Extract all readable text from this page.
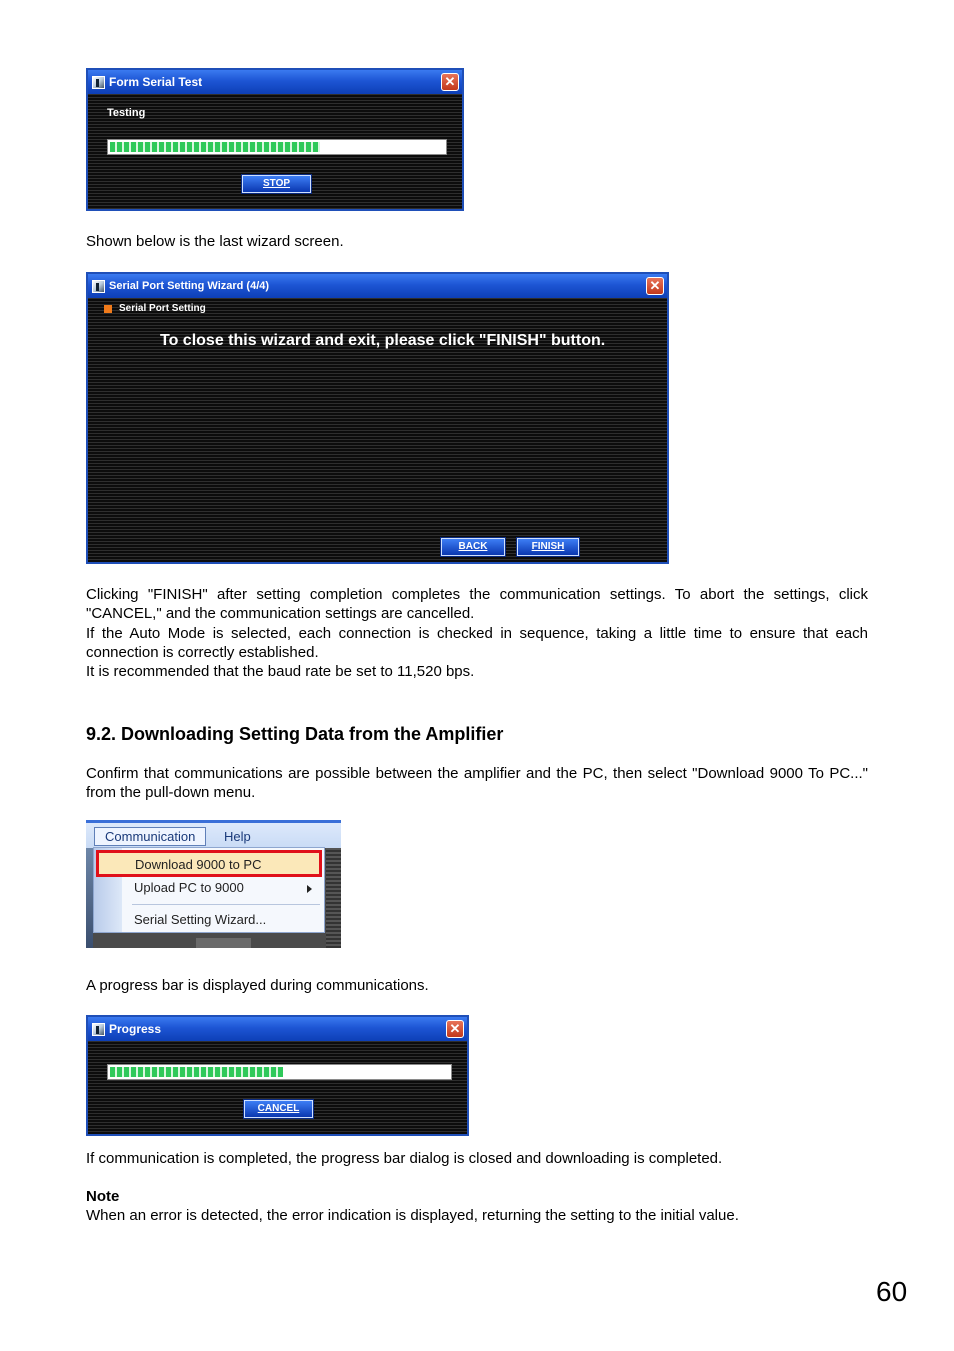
Form Serial Test	✕
Testing
STOP
Shown below is the last wizard screen.
Serial Port Setting Wizard (4/4)	✕
Serial Port Setting
To close this wizard and exit, please click "FINISH" button.
BACK	FINISH
Clicking "FINISH" after setting completion completes the communication settings. To abort the settings, click "CANCEL," and the communication settings are cancelled.
If the Auto Mode is selected, each connection is checked in sequence, taking a little time to ensure that each connection is correctly established.
It is recommended that the baud rate be set to 11,520 bps.
9.2. Downloading Setting Data from the Amplifier
Confirm that communications are possible between the amplifier and the PC, then select "Download 9000 To PC..." from the pull-down menu.
Communication	Help
Download 9000 to PC
Upload PC to 9000
Serial Setting Wizard...
A progress bar is displayed during communications.
Progress	✕
CANCEL
If communication is completed, the progress bar dialog is closed and downloading is completed.
Note
When an error is detected, the error indication is displayed, returning the setting to the initial value.
60
